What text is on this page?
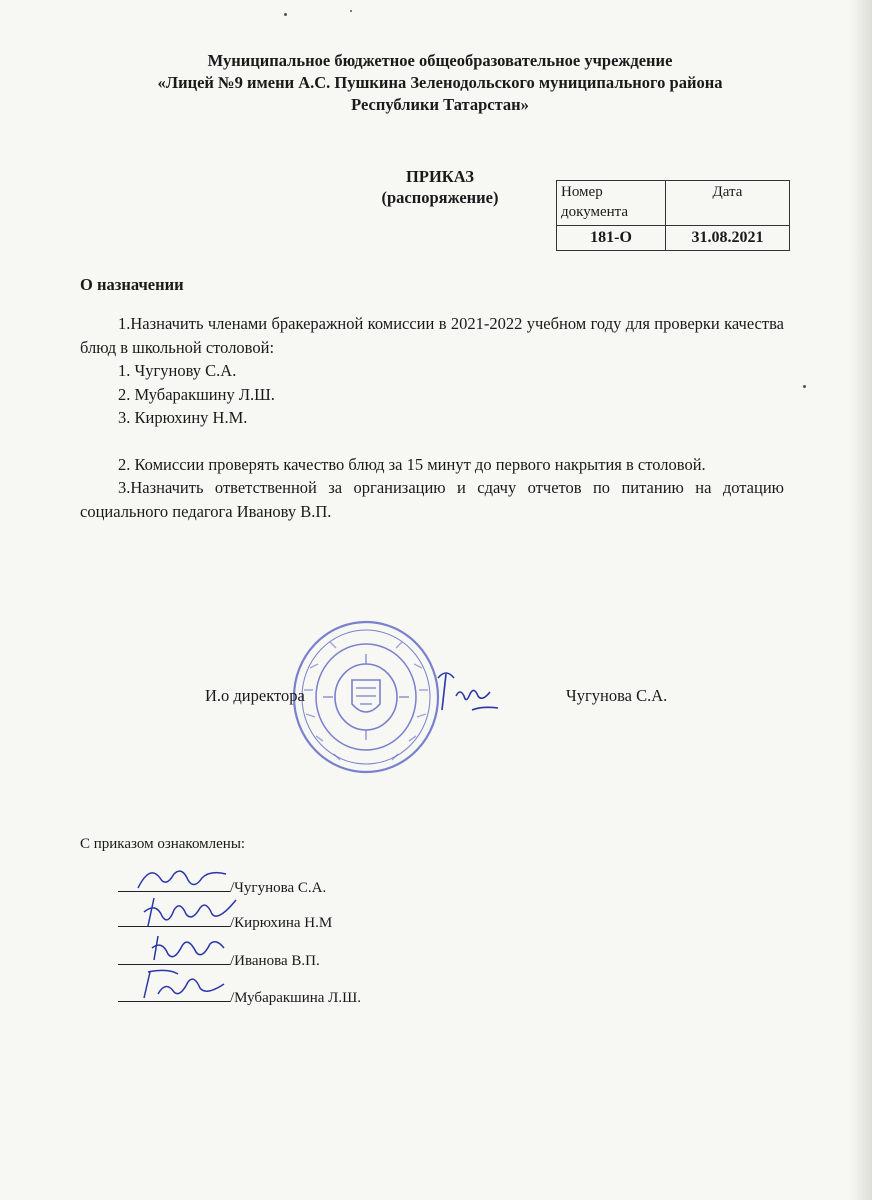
Муниципальное бюджетное общеобразовательное учреждение
«Лицей №9 имени А.С. Пушкина Зеленодольского муниципального района
Республики Татарстан»
ПРИКАЗ
(распоряжение)	Номер документа	Дата
181-О	31.08.2021
О назначении

1.Назначить членами бракеражной комиссии в 2021-2022 учебном году для проверки качества блюд в школьной столовой:

1. Чугунову С.А.
2. Мубаракшину Л.Ш.
3. Кирюхину Н.М.

2. Комиссии проверять качество блюд за 15 минут до первого накрытия в столовой.

3.Назначить ответственной за организацию и сдачу отчетов по питанию на дотацию социального педагога Иванову В.П.

И.о директора	Чугунова С.А.
С приказом ознакомлены:
/Чугунова С.А.
/Кирюхина Н.М
/Иванова В.П.
/Мубаракшина Л.Ш.
